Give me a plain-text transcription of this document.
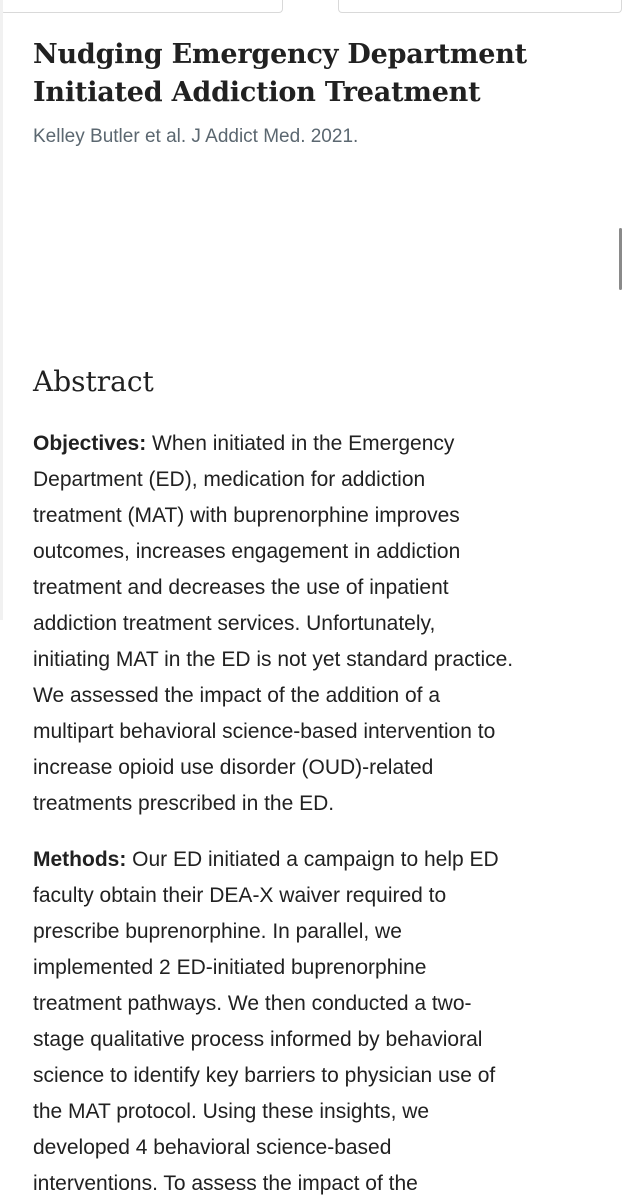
Nudging Emergency Department
Initiated Addiction Treatment
Kelley Butler et al. J Addict Med. 2021.
Abstract
Objectives: When initiated in the Emergency
Department (ED), medication for addiction
treatment (MAT) with buprenorphine improves
outcomes, increases engagement in addiction
treatment and decreases the use of inpatient
addiction treatment services. Unfortunately,
initiating MAT in the ED is not yet standard practice.
We assessed the impact of the addition of a
multipart behavioral science-based intervention to
increase opioid use disorder (OUD)-related
treatments prescribed in the ED.
Methods: Our ED initiated a campaign to help ED
faculty obtain their DEA-X waiver required to
prescribe buprenorphine. In parallel, we
implemented 2 ED-initiated buprenorphine
treatment pathways. We then conducted a two-
stage qualitative process informed by behavioral
science to identify key barriers to physician use of
the MAT protocol. Using these insights, we
developed 4 behavioral science-based
interventions. To assess the impact of the
